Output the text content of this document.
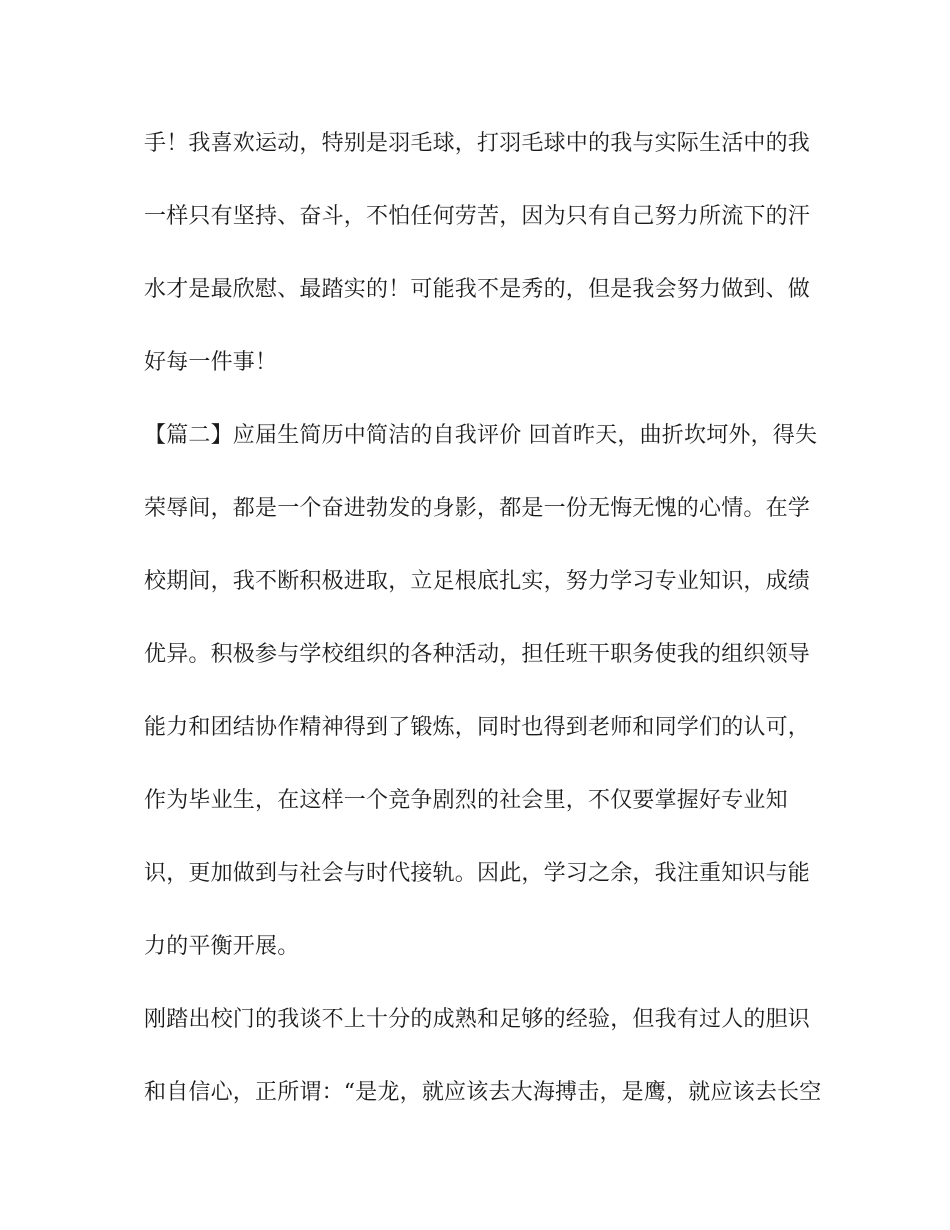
手！我喜欢运动，特别是羽毛球，打羽毛球中的我与实际生活中的我
一样只有坚持、奋斗，不怕任何劳苦，因为只有自己努力所流下的汗
水才是最欣慰、最踏实的！可能我不是秀的，但是我会努力做到、做
好每一件事！
【篇二】应届生简历中简洁的自我评价 回首昨天，曲折坎坷外，得失
荣辱间，都是一个奋进勃发的身影，都是一份无悔无愧的心情。在学
校期间，我不断积极进取，立足根底扎实，努力学习专业知识，成绩
优异。积极参与学校组织的各种活动，担任班干职务使我的组织领导
能力和团结协作精神得到了锻炼，同时也得到老师和同学们的认可，
作为毕业生，在这样一个竞争剧烈的社会里，不仅要掌握好专业知
识，更加做到与社会与时代接轨。因此，学习之余，我注重知识与能
力的平衡开展。
刚踏出校门的我谈不上十分的成熟和足够的经验，但我有过人的胆识
和自信心，正所谓：“是龙，就应该去大海搏击，是鹰，就应该去长空
